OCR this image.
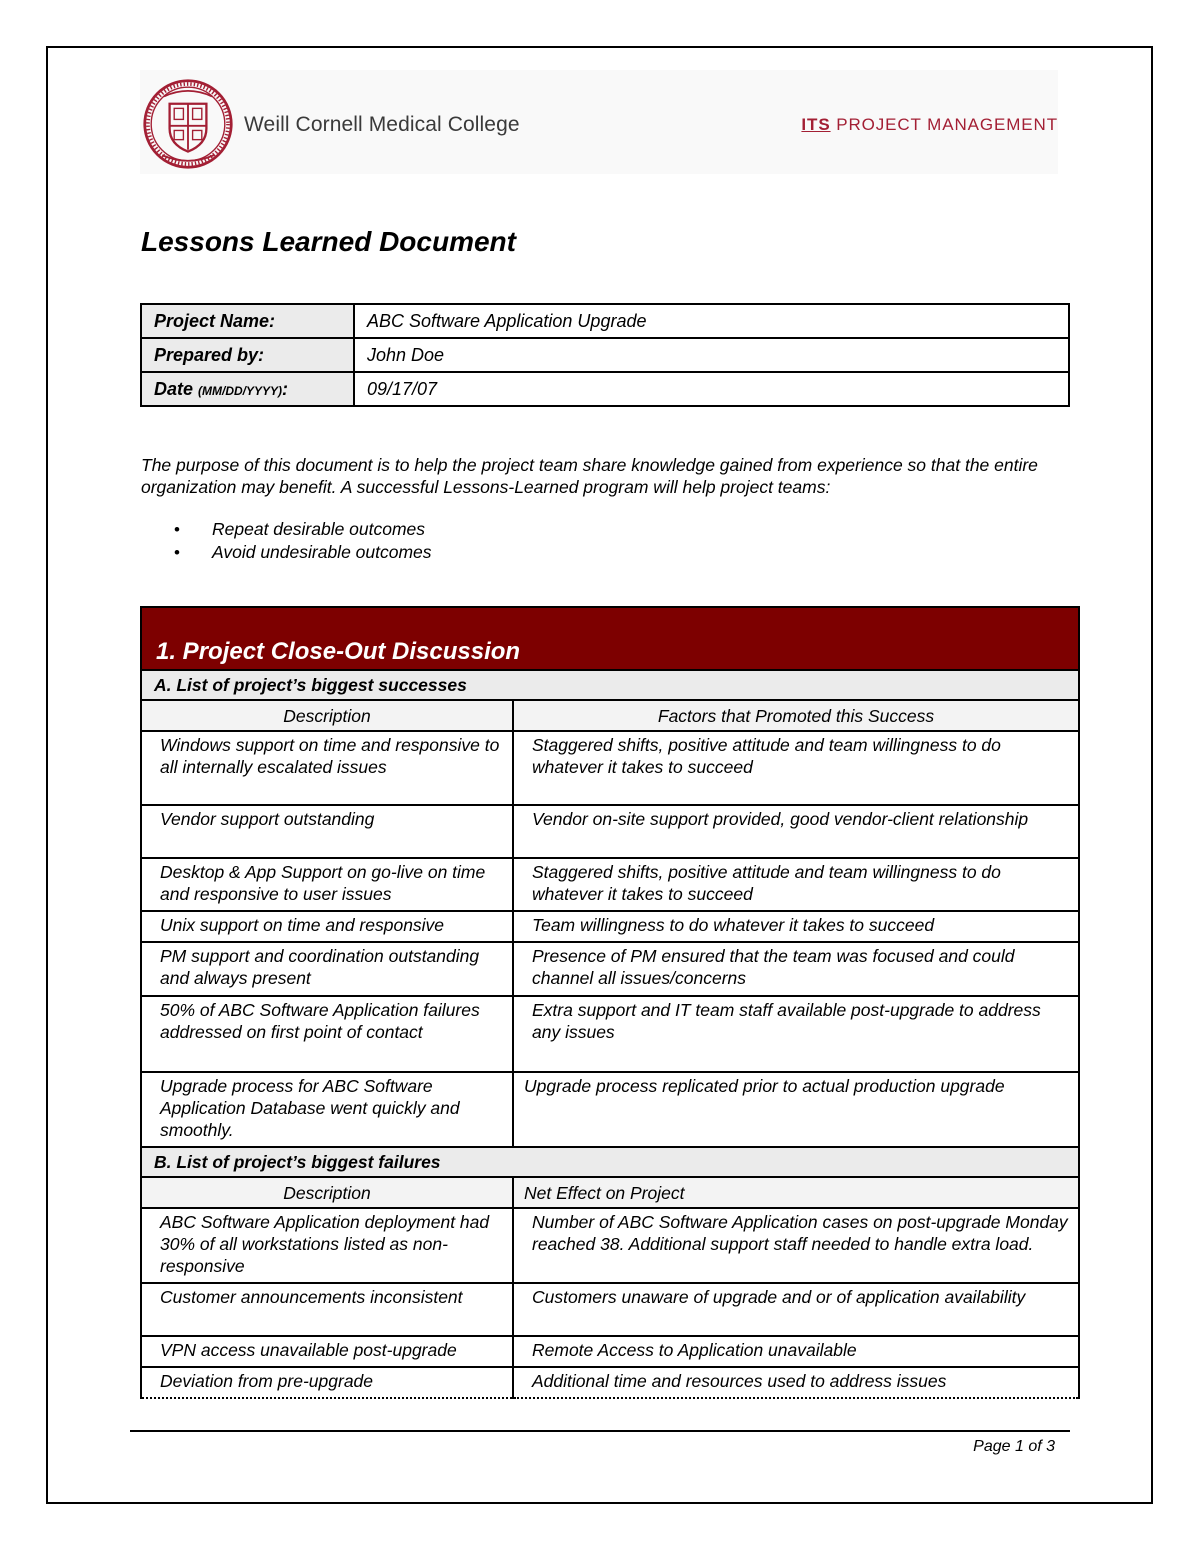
Weill Cornell Medical College	ITS PROJECT MANAGEMENT
Lessons Learned Document
Project Name:	ABC Software Application Upgrade
Prepared by:	John Doe
Date (MM/DD/YYYY):	09/17/07
The purpose of this document is to help the project team share knowledge gained from experience so that the entire organization may benefit. A successful Lessons-Learned program will help project teams:
• Repeat desirable outcomes
• Avoid undesirable outcomes
1. Project Close-Out Discussion	
A. List of project’s biggest successes	
Description	Factors that Promoted this Success
Windows support on time and responsive to all internally escalated issues	Staggered shifts, positive attitude and team willingness to do whatever it takes to succeed
Vendor support outstanding	Vendor on-site support provided, good vendor-client relationship
Desktop & App Support on go-live on time and responsive to user issues	Staggered shifts, positive attitude and team willingness to do whatever it takes to succeed
Unix support on time and responsive	Team willingness to do whatever it takes to succeed
PM support and coordination outstanding and always present	Presence of PM ensured that the team was focused and could channel all issues/concerns
50% of ABC Software Application failures addressed on first point of contact	Extra support and IT team staff available post-upgrade to address any issues
Upgrade process for ABC Software Application Database went quickly and smoothly.	Upgrade process replicated prior to actual production upgrade
B. List of project’s biggest failures	
Description	Net Effect on Project
ABC Software Application deployment had 30% of all workstations listed as non-responsive	Number of ABC Software Application cases on post-upgrade Monday reached 38. Additional support staff needed to handle extra load.
Customer announcements inconsistent	Customers unaware of upgrade and or of application availability
VPN access unavailable post-upgrade	Remote Access to Application unavailable
Deviation from pre-upgrade	Additional time and resources used to address issues
Page 1 of 3
